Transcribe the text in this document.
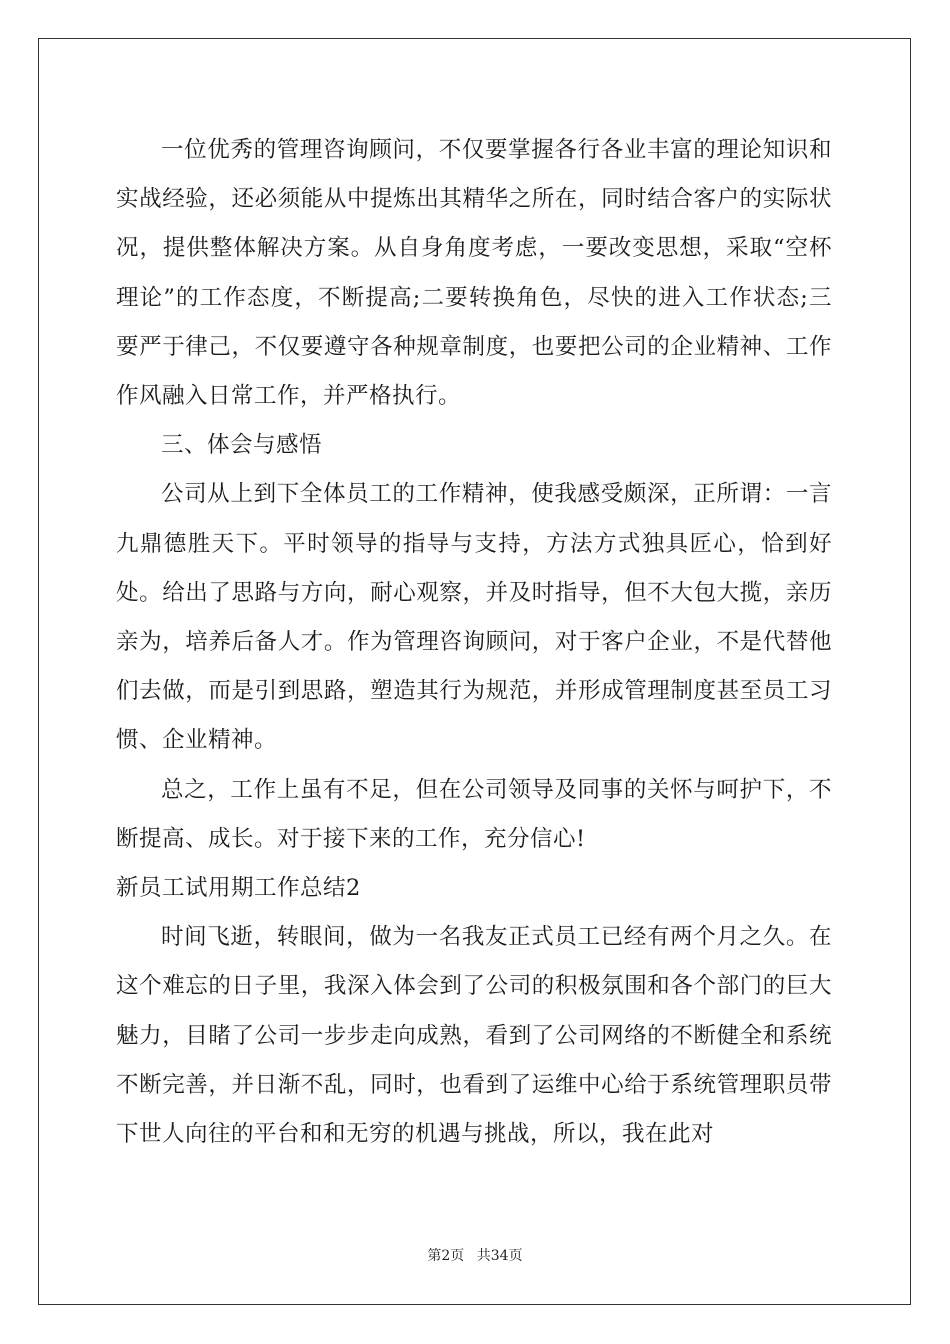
一位优秀的管理咨询顾问，不仅要掌握各行各业丰富的理论知识和实战经验，还必须能从中提炼出其精华之所在，同时结合客户的实际状况，提供整体解决方案。从自身角度考虑，一要改变思想，采取“空杯理论”的工作态度，不断提高;二要转换角色，尽快的进入工作状态;三要严于律己，不仅要遵守各种规章制度，也要把公司的企业精神、工作作风融入日常工作，并严格执行。

三、体会与感悟

公司从上到下全体员工的工作精神，使我感受颇深，正所谓：一言九鼎德胜天下。平时领导的指导与支持，方法方式独具匠心，恰到好处。给出了思路与方向，耐心观察，并及时指导，但不大包大揽，亲历亲为，培养后备人才。作为管理咨询顾问，对于客户企业，不是代替他们去做，而是引到思路，塑造其行为规范，并形成管理制度甚至员工习惯、企业精神。

总之，工作上虽有不足，但在公司领导及同事的关怀与呵护下，不断提高、成长。对于接下来的工作，充分信心!

新员工试用期工作总结2

时间飞逝，转眼间，做为一名我友正式员工已经有两个月之久。在这个难忘的日子里，我深入体会到了公司的积极氛围和各个部门的巨大魅力，目睹了公司一步步走向成熟，看到了公司网络的不断健全和系统不断完善，并日渐不乱，同时，也看到了运维中心给于系统管理职员带下世人向往的平台和和无穷的机遇与挑战，所以，我在此对

第2页 共34页
